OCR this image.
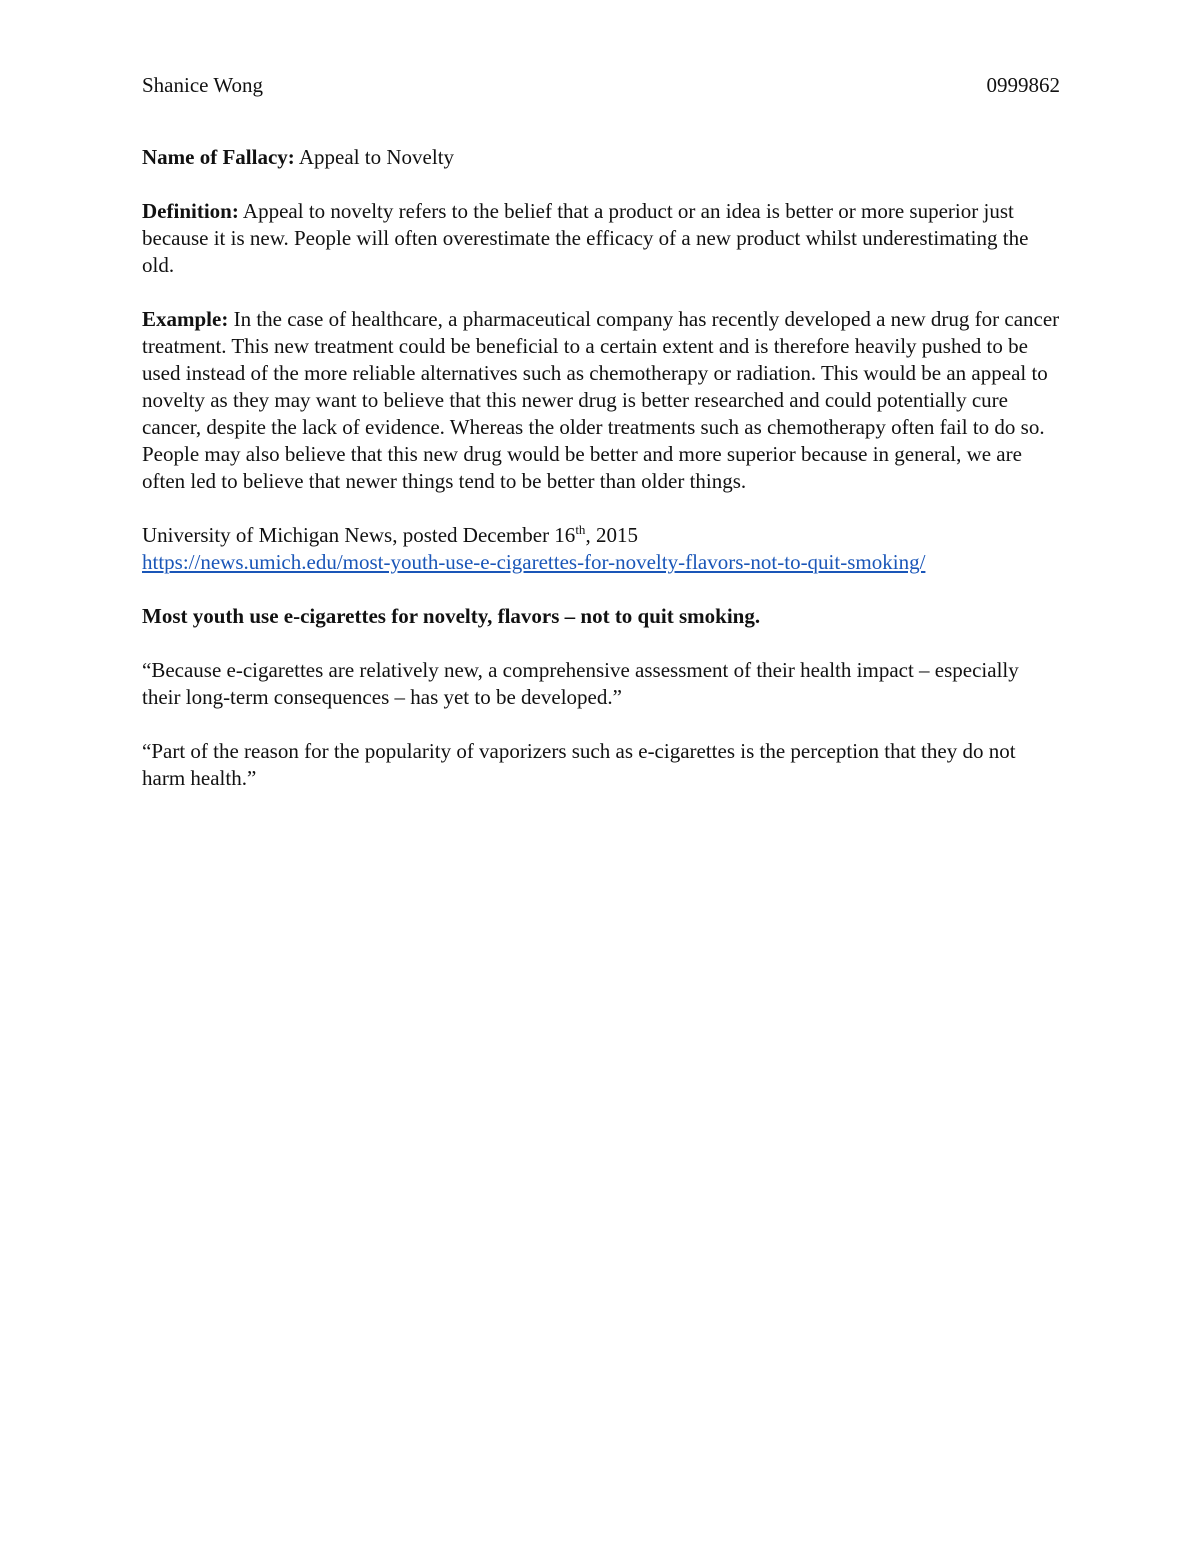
Shanice Wong	0999862

Name of Fallacy: Appeal to Novelty

Definition: Appeal to novelty refers to the belief that a product or an idea is better or more superior just because it is new. People will often overestimate the efficacy of a new product whilst underestimating the old.

Example: In the case of healthcare, a pharmaceutical company has recently developed a new drug for cancer treatment. This new treatment could be beneficial to a certain extent and is therefore heavily pushed to be used instead of the more reliable alternatives such as chemotherapy or radiation. This would be an appeal to novelty as they may want to believe that this newer drug is better researched and could potentially cure cancer, despite the lack of evidence. Whereas the older treatments such as chemotherapy often fail to do so. People may also believe that this new drug would be better and more superior because in general, we are often led to believe that newer things tend to be better than older things.

University of Michigan News, posted December 16th, 2015

https://news.umich.edu/most-youth-use-e-cigarettes-for-novelty-flavors-not-to-quit-smoking/

Most youth use e-cigarettes for novelty, flavors – not to quit smoking.

“Because e-cigarettes are relatively new, a comprehensive assessment of their health impact – especially their long-term consequences – has yet to be developed.”

“Part of the reason for the popularity of vaporizers such as e-cigarettes is the perception that they do not harm health.”
